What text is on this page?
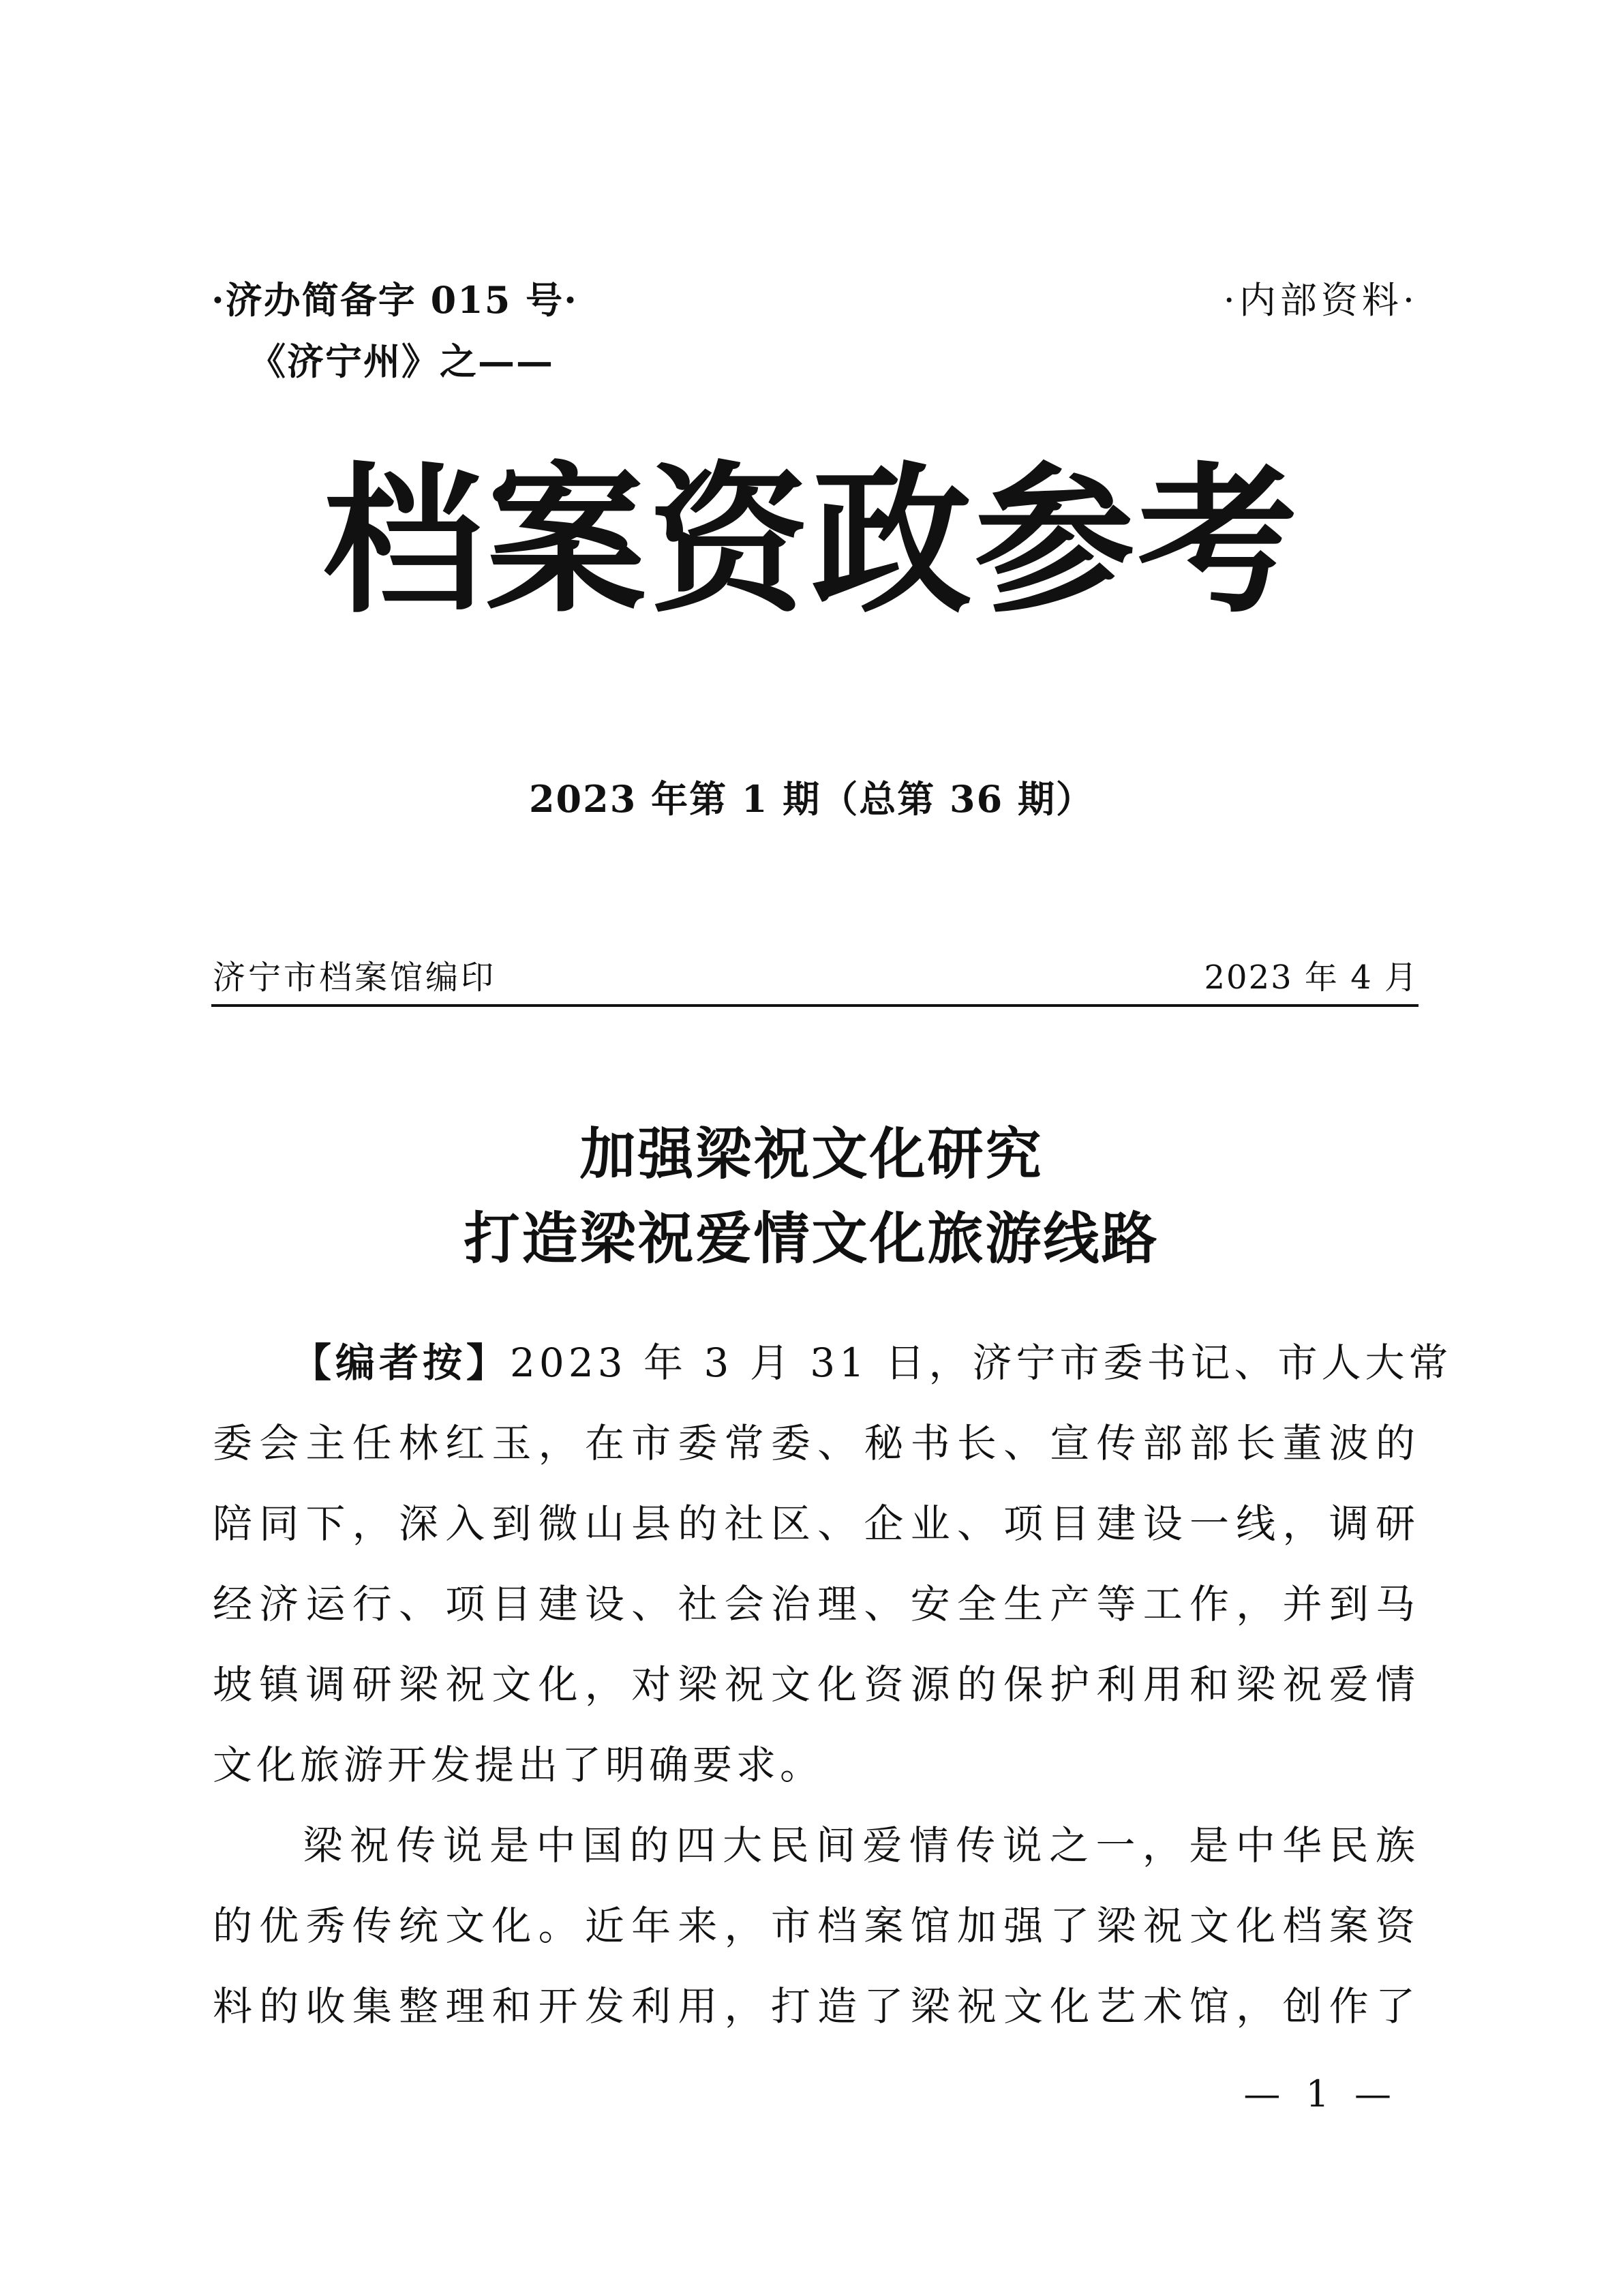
·济办简备字 015 号·
《济宁州》之——
·内部资料·
档案资政参考
2023 年第 1 期（总第 36 期）
济宁市档案馆编印	2023 年 4 月
加强梁祝文化研究
打造梁祝爱情文化旅游线路
【编者按】2023 年 3 月 31 日，济宁市委书记、市人大常
委会主任林红玉，在市委常委、秘书长、宣传部部长董波的
陪同下，深入到微山县的社区、企业、项目建设一线，调研
经济运行、项目建设、社会治理、安全生产等工作，并到马
坡镇调研梁祝文化，对梁祝文化资源的保护利用和梁祝爱情
文化旅游开发提出了明确要求。
梁祝传说是中国的四大民间爱情传说之一，是中华民族
的优秀传统文化。近年来，市档案馆加强了梁祝文化档案资
料的收集整理和开发利用，打造了梁祝文化艺术馆，创作了
— 1 —
